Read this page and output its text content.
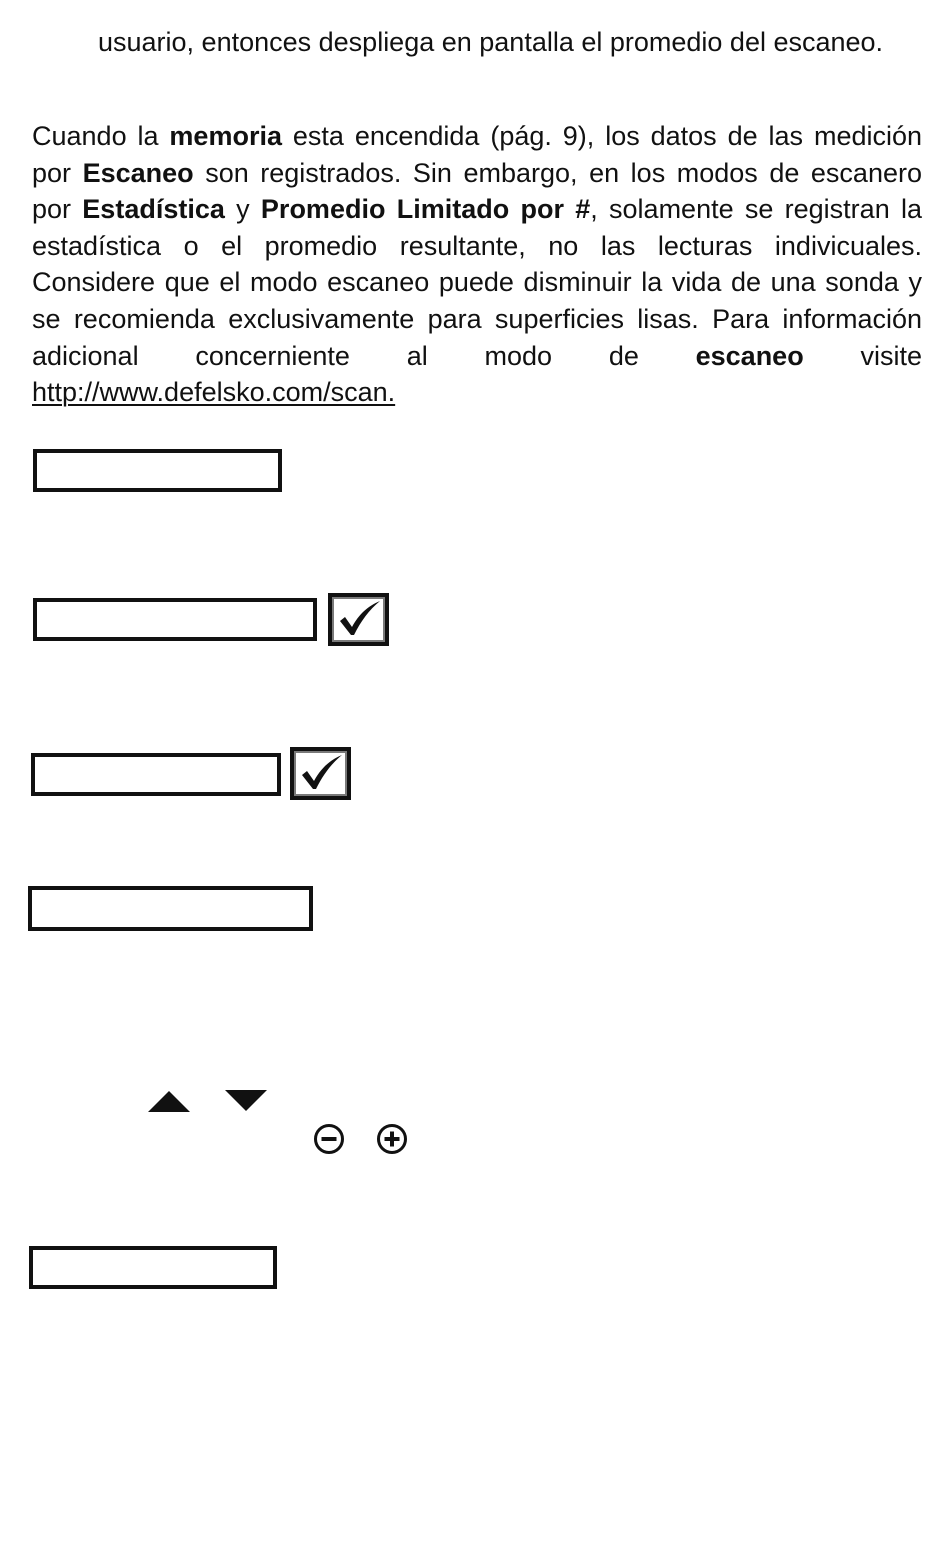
usuario, entonces despliega en pantalla el promedio del escaneo.

Cuando la memoria esta encendida (pág. 9), los datos de las medición por Escaneo son registrados. Sin embargo, en los modos de escanero por Estadística y Promedio Limitado por #, solamente se registran la estadística o el promedio resultante, no las lecturas indivicuales. Considere que el modo escaneo puede disminuir la vida de una sonda y se recomienda exclusivamente para superficies lisas. Para información adicional concerniente al modo de escaneo visite http://www.defelsko.com/scan.
